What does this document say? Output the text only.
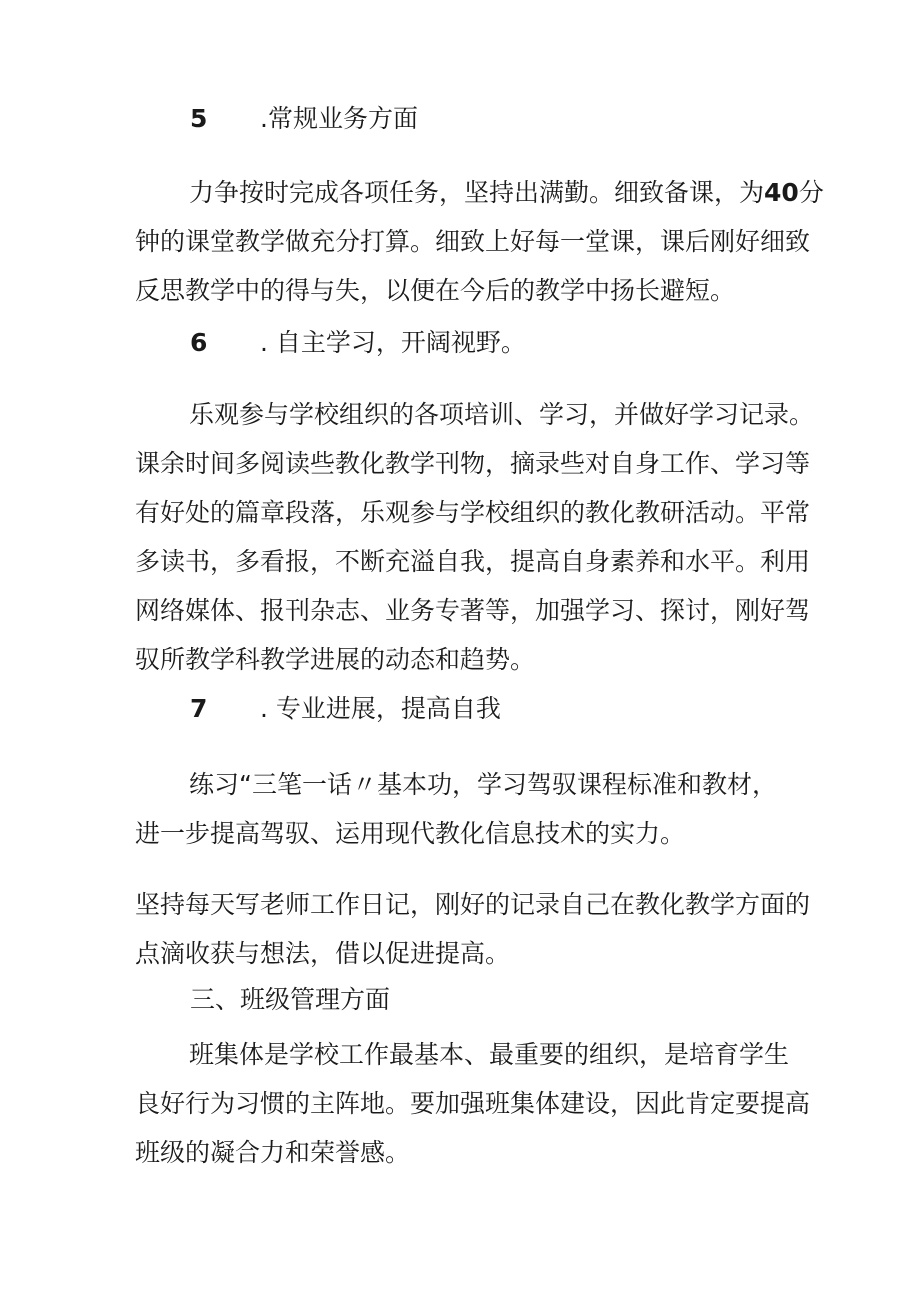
5 .常规业务方面
力争按时完成各项任务，坚持出满勤。细致备课，为40分
钟的课堂教学做充分打算。细致上好每一堂课，课后刚好细致
反思教学中的得与失，以便在今后的教学中扬长避短。
6 . 自主学习，开阔视野。
乐观参与学校组织的各项培训、学习，并做好学习记录。
课余时间多阅读些教化教学刊物，摘录些对自身工作、学习等
有好处的篇章段落，乐观参与学校组织的教化教研活动。平常
多读书，多看报，不断充溢自我，提高自身素养和水平。利用
网络媒体、报刊杂志、业务专著等，加强学习、探讨，刚好驾
驭所教学科教学进展的动态和趋势。
7 . 专业进展，提高自我
练习“三笔一话〃基本功，学习驾驭课程标准和教材，
进一步提高驾驭、运用现代教化信息技术的实力。
坚持每天写老师工作日记，刚好的记录自己在教化教学方面的
点滴收获与想法，借以促进提高。
三、班级管理方面
班集体是学校工作最基本、最重要的组织，是培育学生
良好行为习惯的主阵地。要加强班集体建设，因此肯定要提高
班级的凝合力和荣誉感。
